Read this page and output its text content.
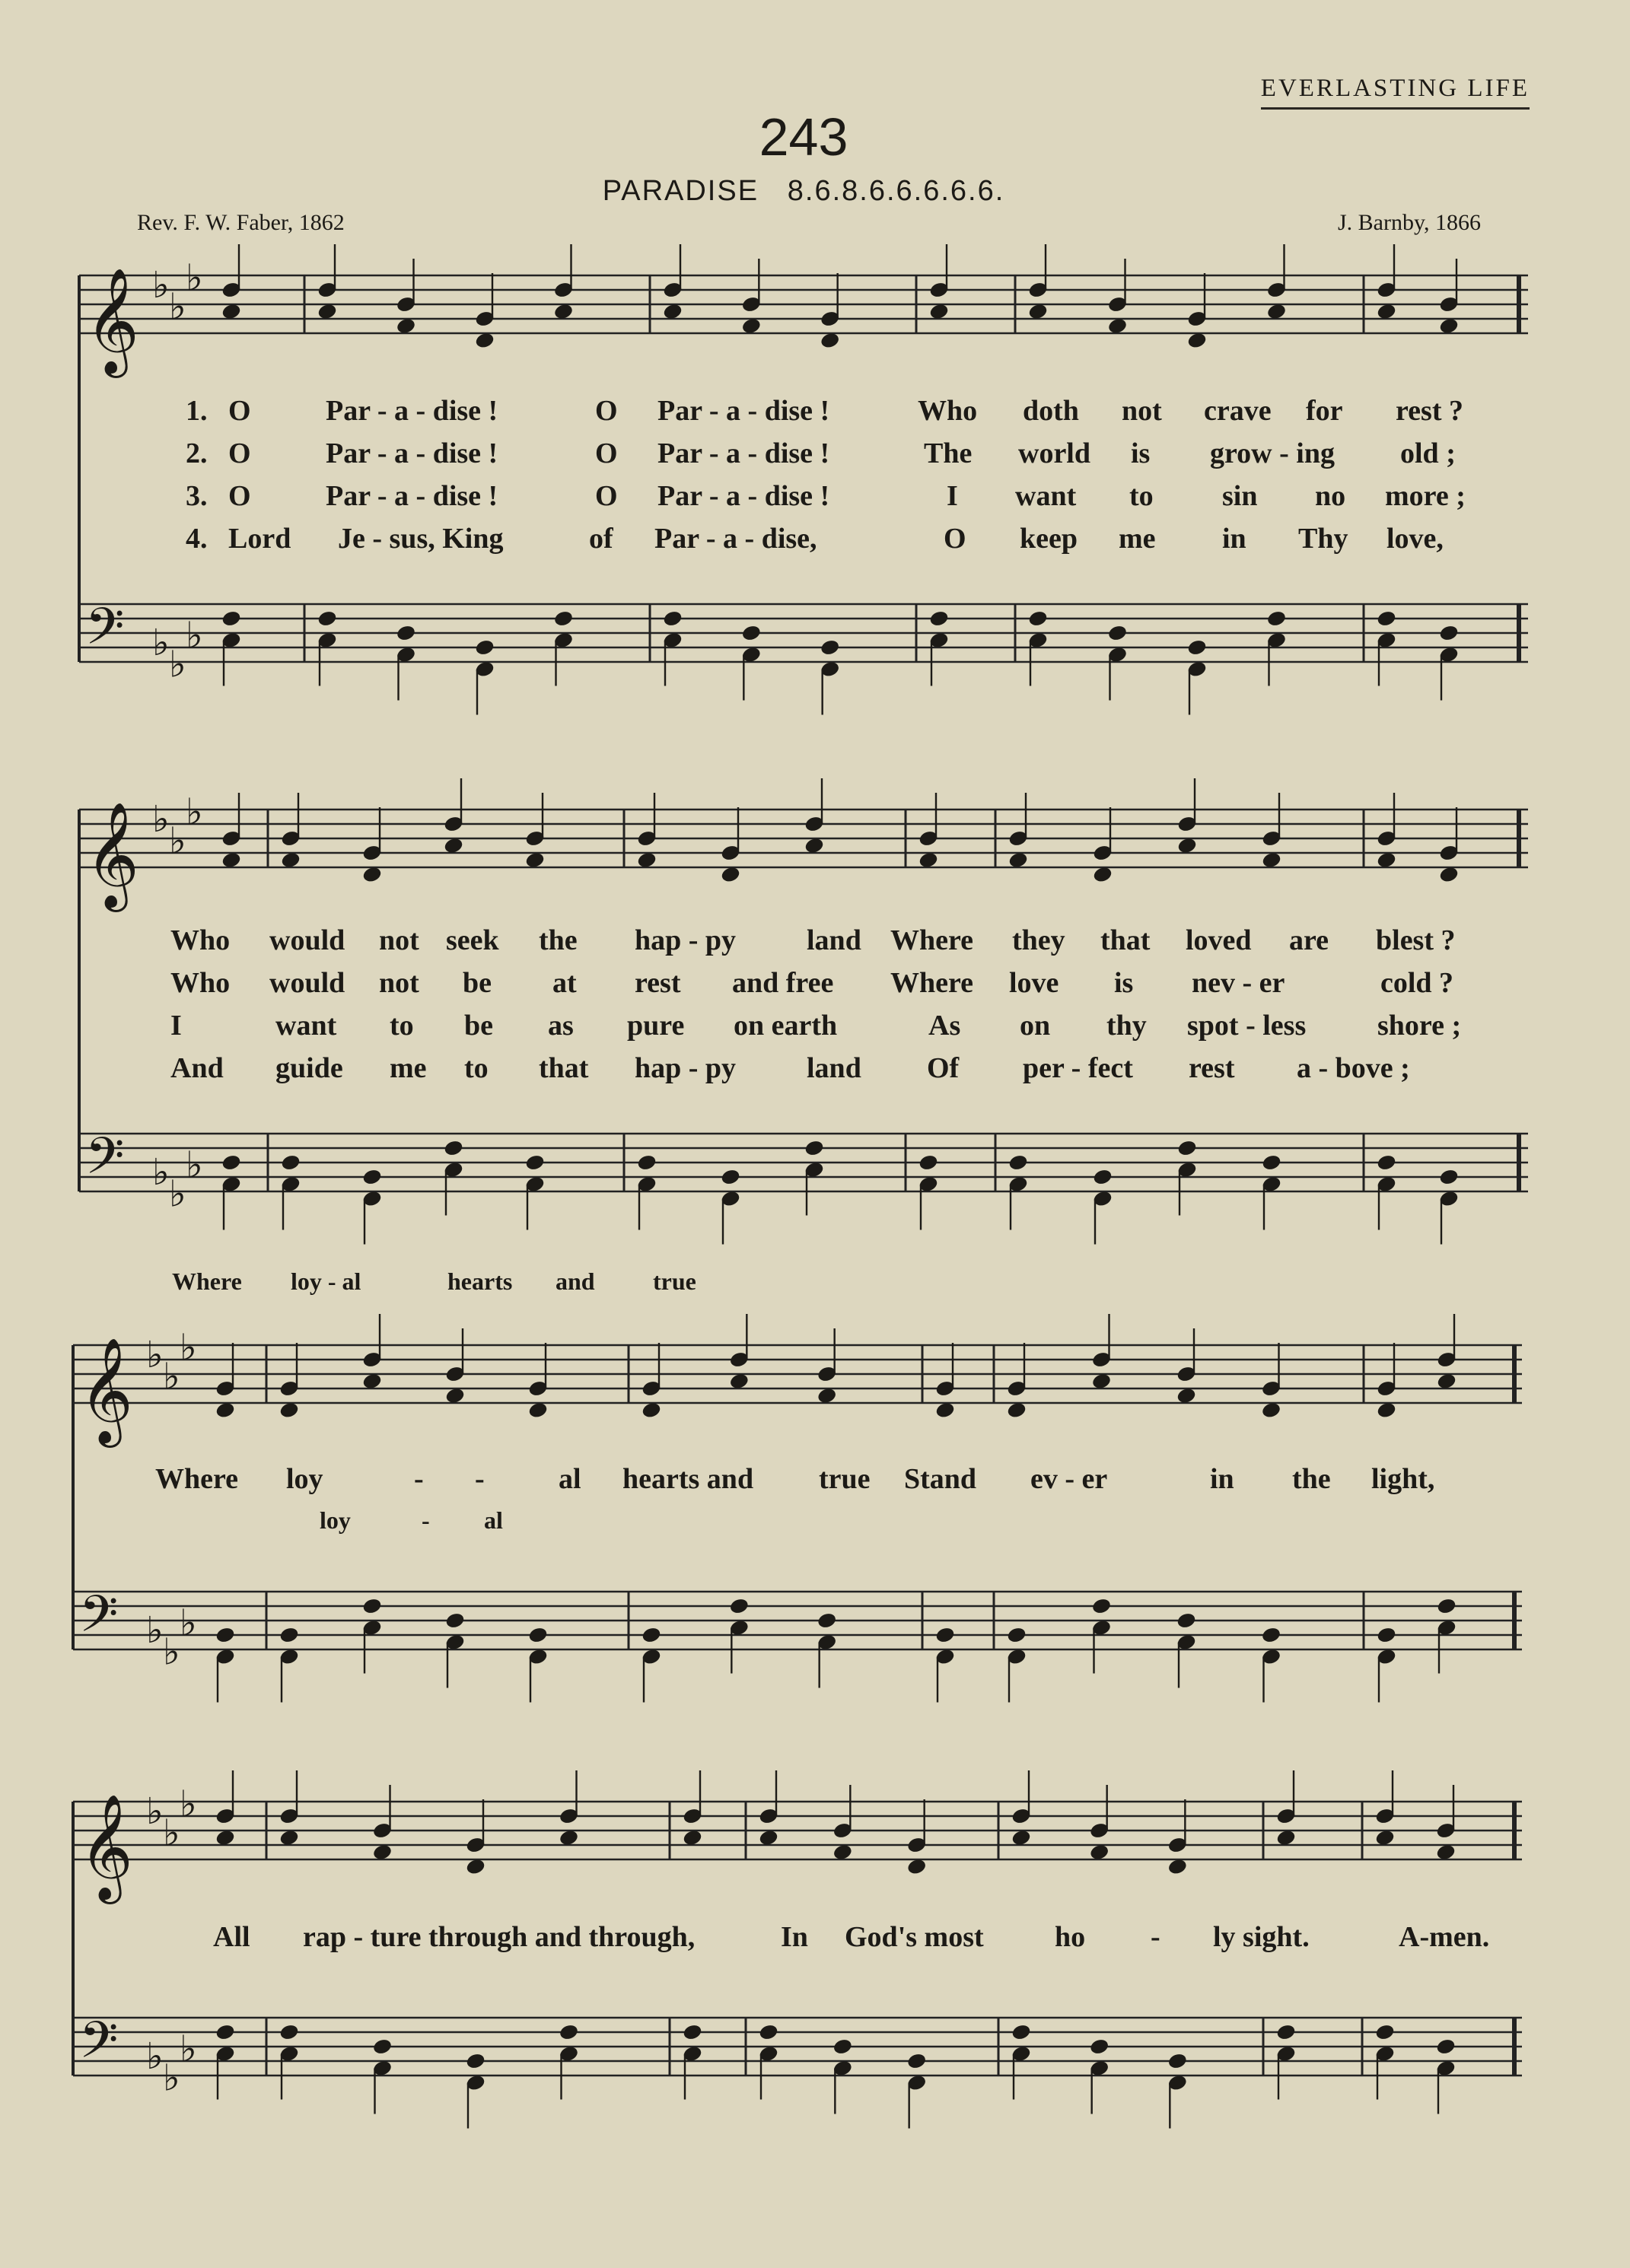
EVERLASTING LIFE
243
PARADISE 8.6.8.6.6.6.6.6.
Rev. F. W. Faber, 1862	J. Barnby, 1866
𝄞 ♭
♭
♭
𝄢 ♭
♭
♭
𝄞 ♭
♭
♭
𝄢 ♭
♭
♭
𝄞 ♭
♭
♭
𝄢 ♭
♭
♭
𝄞 ♭
♭
♭
𝄢 ♭
♭
♭
1. O	Par - a - dise !	O Par - a - dise !	Who doth not crave for rest ?
2. O	Par - a - dise !	O Par - a - dise !	The world is grow - ing old ;
3. O	Par - a - dise !	O Par - a - dise !	I want to sin no more ;
4. Lord Je - sus, King	of Par - a - dise,	O keep me in Thy love,
Who would not seek the hap - py land Where they that loved are blest ?
Who would not be at rest and free Where love is nev - er	cold ?
I	want to be as pure on earth	As on thy spot - less shore ;
And guide me to that hap - py land Of per - fect rest a - bove ;
Where loy - al	hearts and true
Where loy	- -	al hearts and true Stand ev - er	in the light,
loy	- al
All rap - ture through and through,	In God's most ho - ly sight.	A-men.
